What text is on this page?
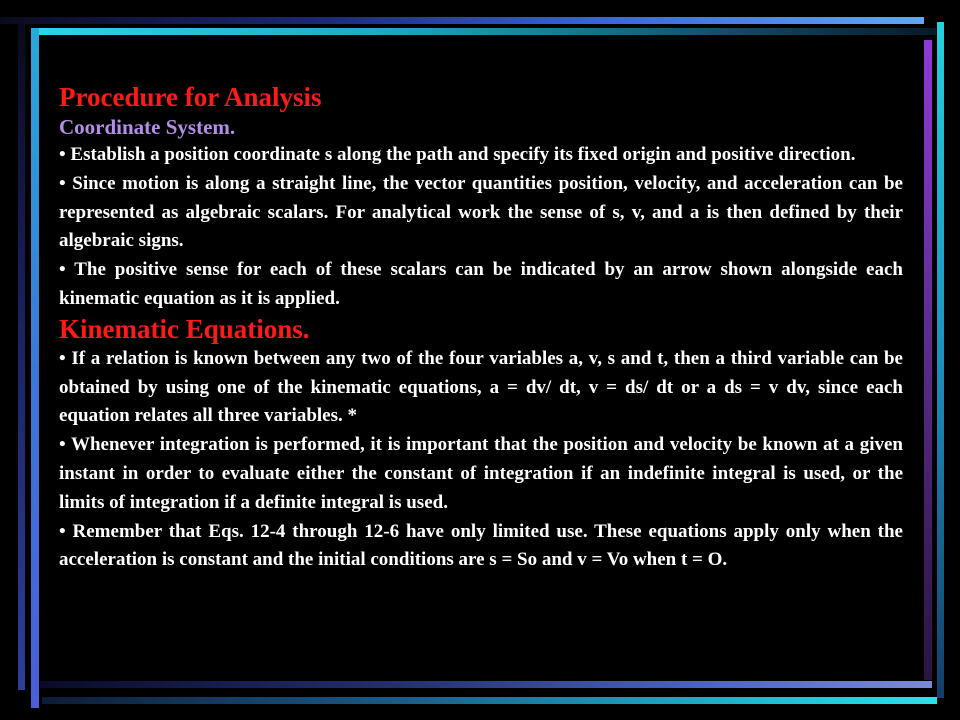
Procedure for Analysis
Coordinate System.

• Establish a position coordinate s along the path and specify its fixed origin and positive direction.

• Since motion is along a straight line, the vector quantities position, velocity, and acceleration can be represented as algebraic scalars. For analytical work the sense of s, v, and a is then defined by their algebraic signs.

• The positive sense for each of these scalars can be indicated by an arrow shown alongside each kinematic equation as it is applied.

Kinematic Equations.

• If a relation is known between any two of the four variables a, v, s and t, then a third variable can be obtained by using one of the kinematic equations, a = dv/ dt, v = ds/ dt or a ds = v dv, since each equation relates all three variables. *

• Whenever integration is performed, it is important that the position and velocity be known at a given instant in order to evaluate either the constant of integration if an indefinite integral is used, or the limits of integration if a definite integral is used.

• Remember that Eqs. 12-4 through 12-6 have only limited use. These equations apply only when the acceleration is constant and the initial conditions are s = So and v = Vo when t = O.
